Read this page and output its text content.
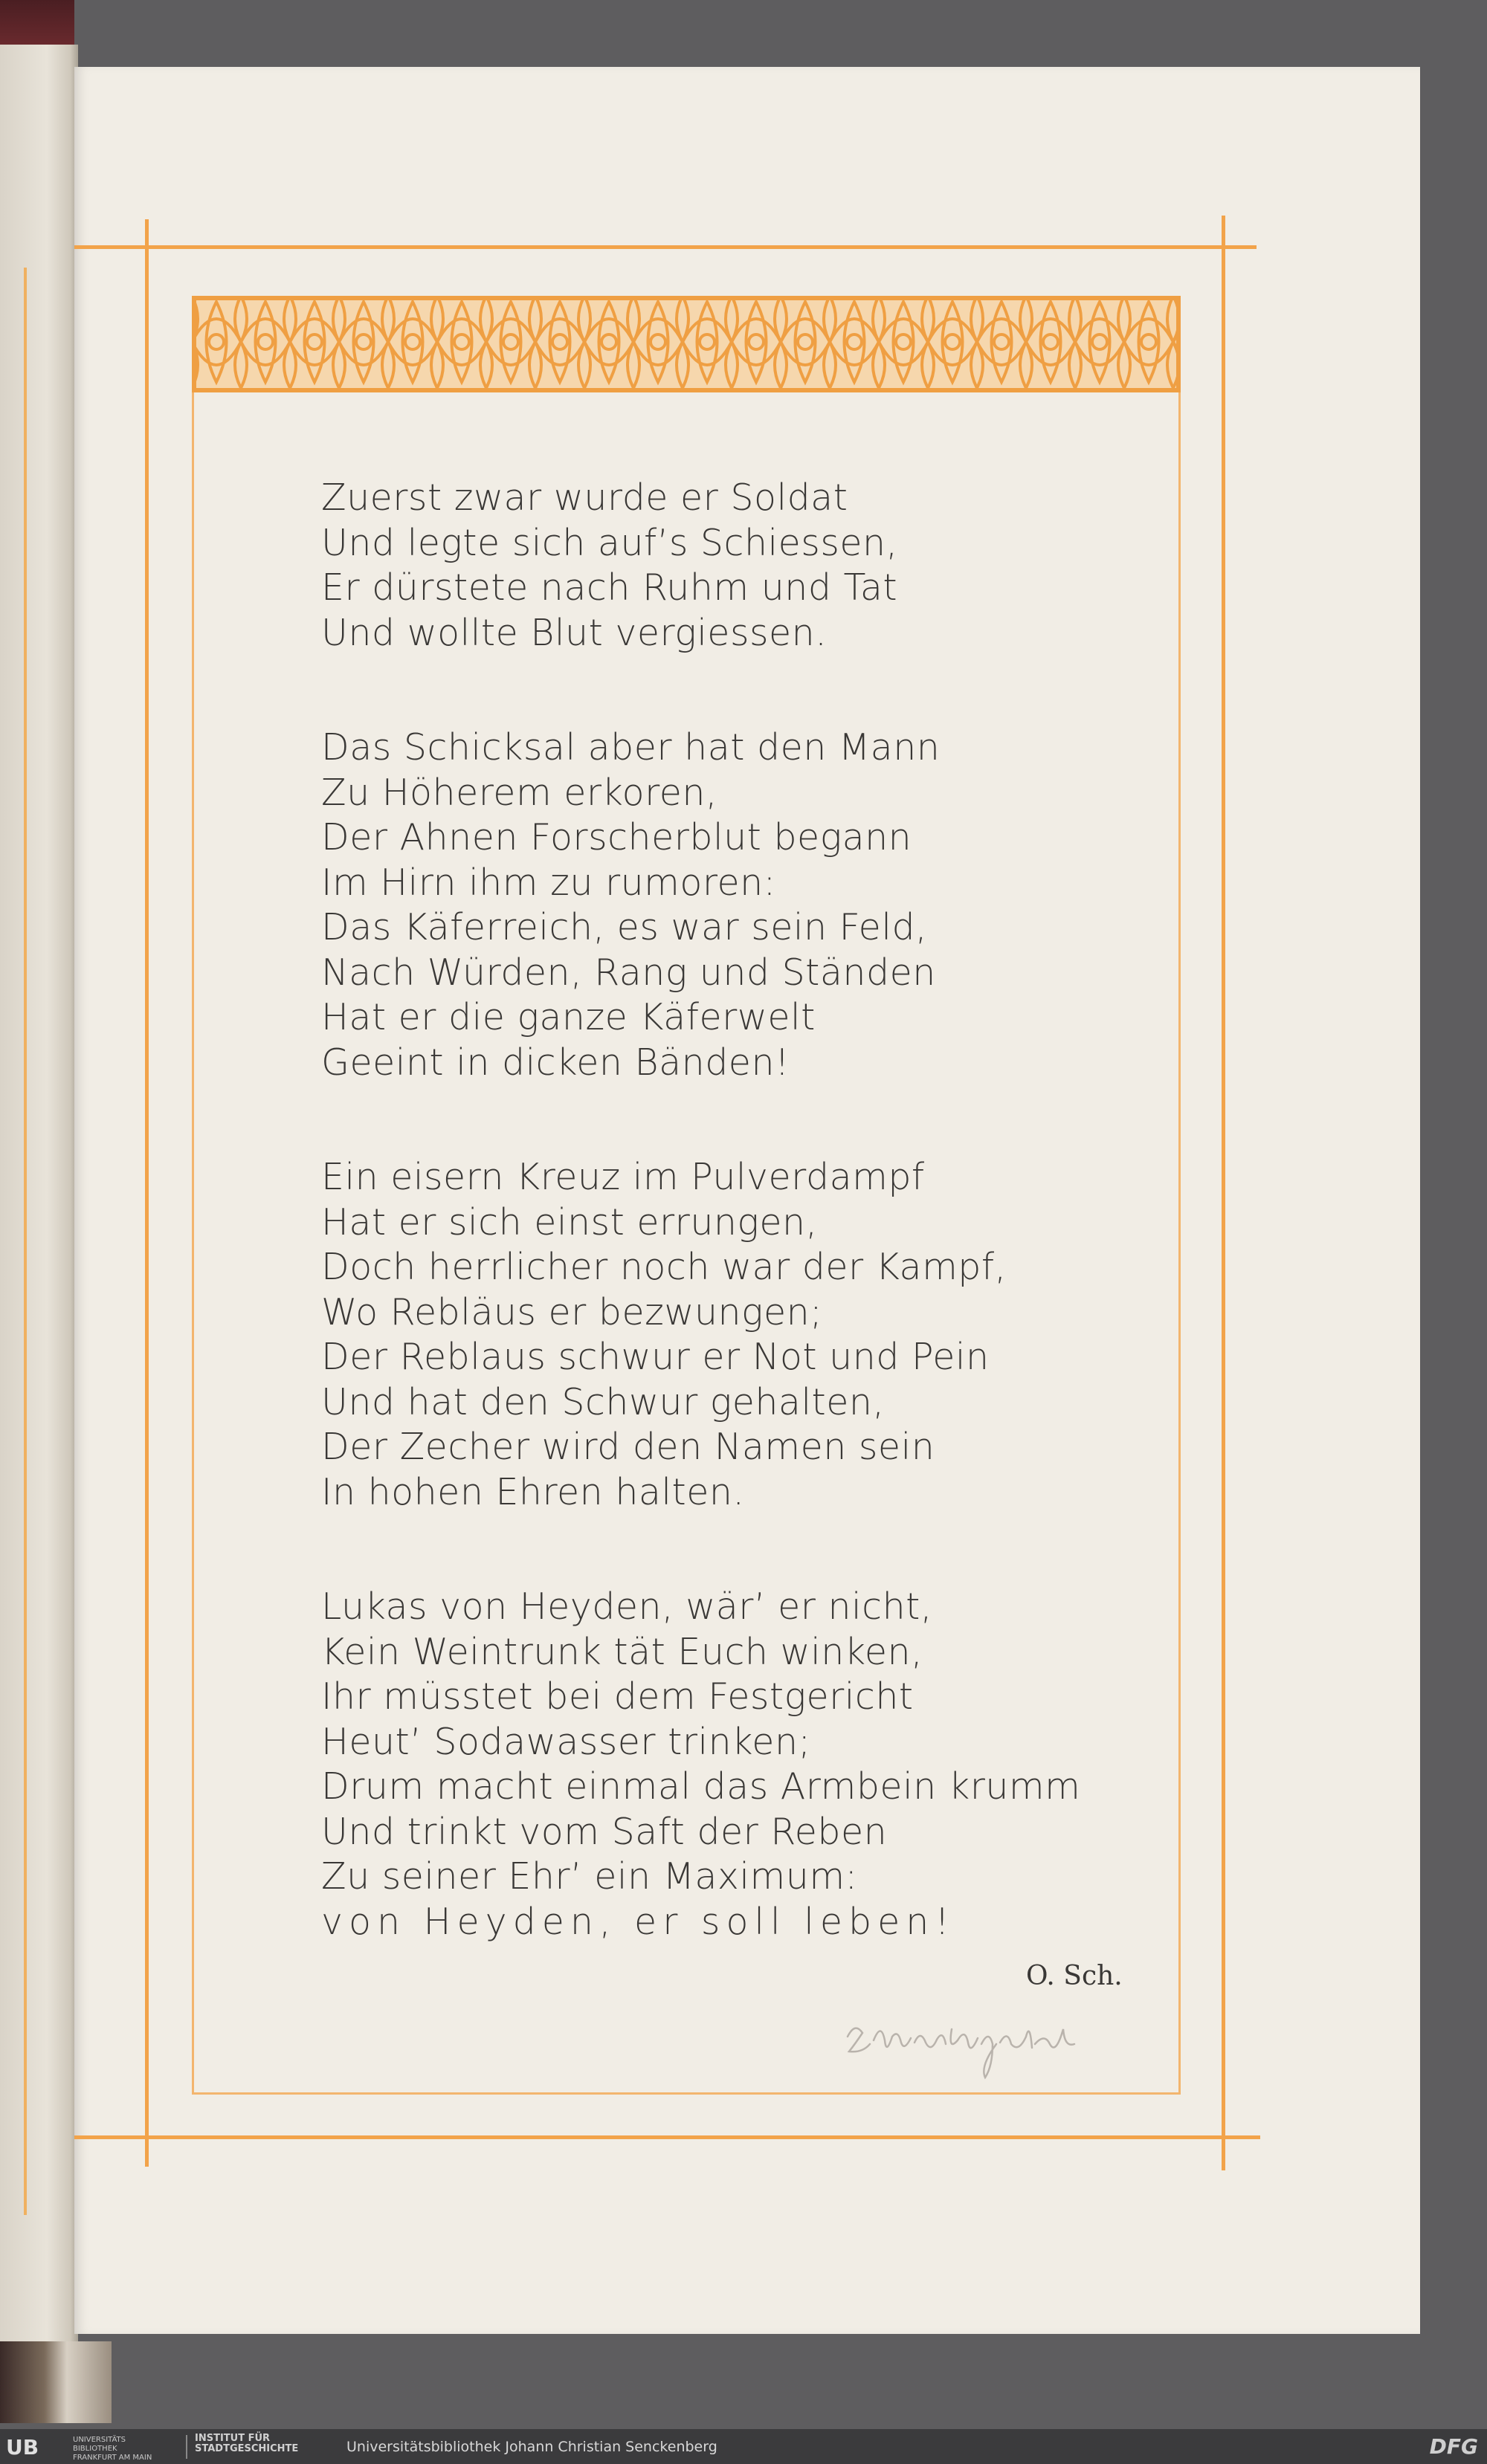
Zuerst zwar wurde er Soldat
Und legte sich auf’s Schiessen,
Er dürstete nach Ruhm und Tat
Und wollte Blut vergiessen.
Das Schicksal aber hat den Mann
Zu Höherem erkoren,
Der Ahnen Forscherblut begann
Im Hirn ihm zu rumoren:
Das Käferreich, es war sein Feld,
Nach Würden, Rang und Ständen
Hat er die ganze Käferwelt
Geeint in dicken Bänden!
Ein eisern Kreuz im Pulverdampf
Hat er sich einst errungen,
Doch herrlicher noch war der Kampf,
Wo Rebläus er bezwungen;
Der Reblaus schwur er Not und Pein
Und hat den Schwur gehalten,
Der Zecher wird den Namen sein
In hohen Ehren halten.
Lukas von Heyden, wär’ er nicht,
Kein Weintrunk tät Euch winken,
Ihr müsstet bei dem Festgericht
Heut’ Sodawasser trinken;
Drum macht einmal das Armbein krumm
Und trinkt vom Saft der Reben
Zu seiner Ehr’ ein Maximum:
von Heyden, er soll leben!
O. Sch.
UB	UNIVERSITÄTS BIBLIOTHEK FRANKFURT AM MAIN
INSTITUT FÜR STADTGESCHICHTE	Universitätsbibliothek Johann Christian Senckenberg	DFG
